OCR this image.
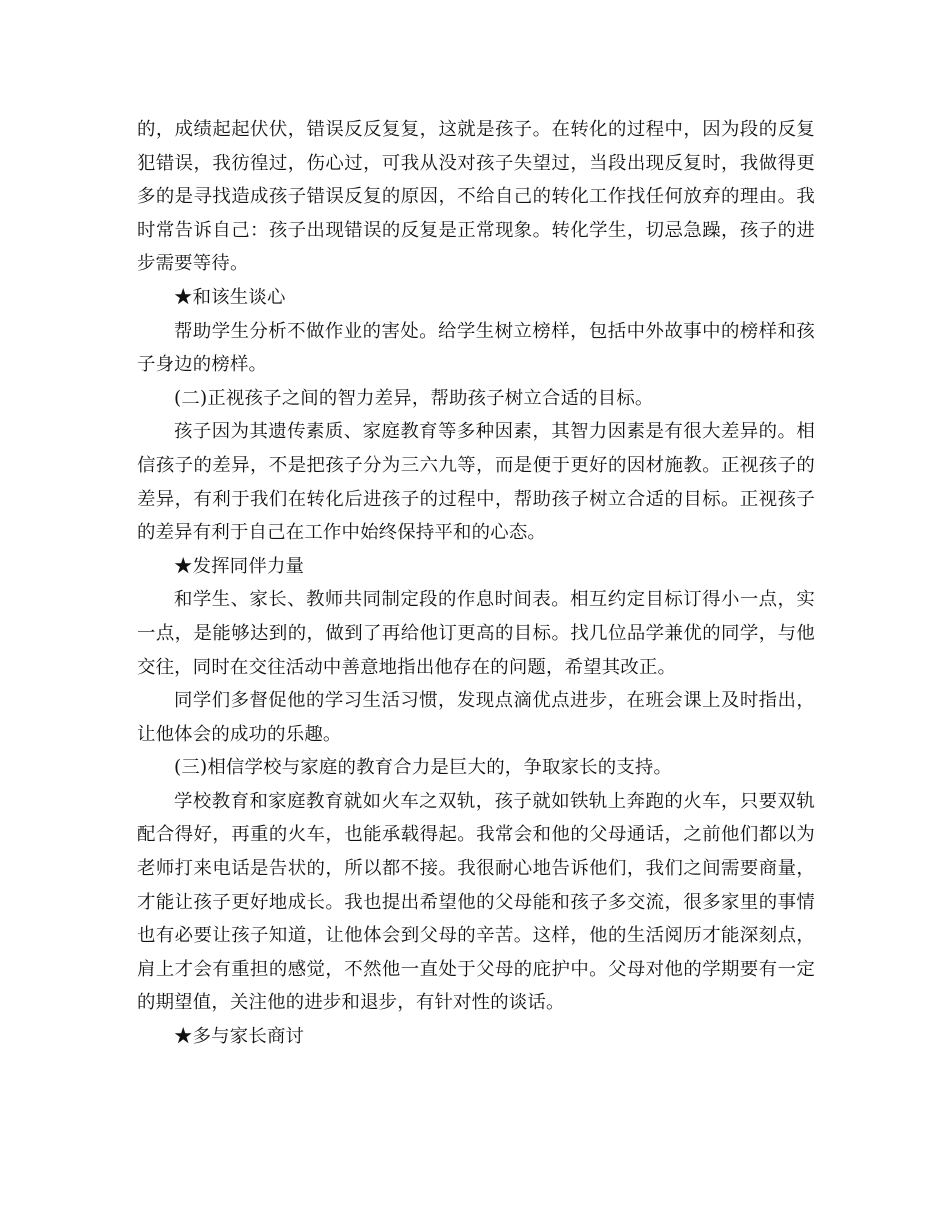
的，成绩起起伏伏，错误反反复复，这就是孩子。在转化的过程中，因为段的反复犯错误，我彷徨过，伤心过，可我从没对孩子失望过，当段出现反复时，我做得更多的是寻找造成孩子错误反复的原因，不给自己的转化工作找任何放弃的理由。我时常告诉自己：孩子出现错误的反复是正常现象。转化学生，切忌急躁，孩子的进步需要等待。

★和该生谈心

帮助学生分析不做作业的害处。给学生树立榜样，包括中外故事中的榜样和孩子身边的榜样。

(二)正视孩子之间的智力差异，帮助孩子树立合适的目标。

孩子因为其遗传素质、家庭教育等多种因素，其智力因素是有很大差异的。相信孩子的差异，不是把孩子分为三六九等，而是便于更好的因材施教。正视孩子的差异，有利于我们在转化后进孩子的过程中，帮助孩子树立合适的目标。正视孩子的差异有利于自己在工作中始终保持平和的心态。

★发挥同伴力量

和学生、家长、教师共同制定段的作息时间表。相互约定目标订得小一点，实一点，是能够达到的，做到了再给他订更高的目标。找几位品学兼优的同学，与他交往，同时在交往活动中善意地指出他存在的问题，希望其改正。

同学们多督促他的学习生活习惯，发现点滴优点进步，在班会课上及时指出，让他体会的成功的乐趣。

(三)相信学校与家庭的教育合力是巨大的，争取家长的支持。

学校教育和家庭教育就如火车之双轨，孩子就如铁轨上奔跑的火车，只要双轨配合得好，再重的火车，也能承载得起。我常会和他的父母通话，之前他们都以为老师打来电话是告状的，所以都不接。我很耐心地告诉他们，我们之间需要商量，才能让孩子更好地成长。我也提出希望他的父母能和孩子多交流，很多家里的事情也有必要让孩子知道，让他体会到父母的辛苦。这样，他的生活阅历才能深刻点，肩上才会有重担的感觉，不然他一直处于父母的庇护中。父母对他的学期要有一定的期望值，关注他的进步和退步，有针对性的谈话。

★多与家长商讨
